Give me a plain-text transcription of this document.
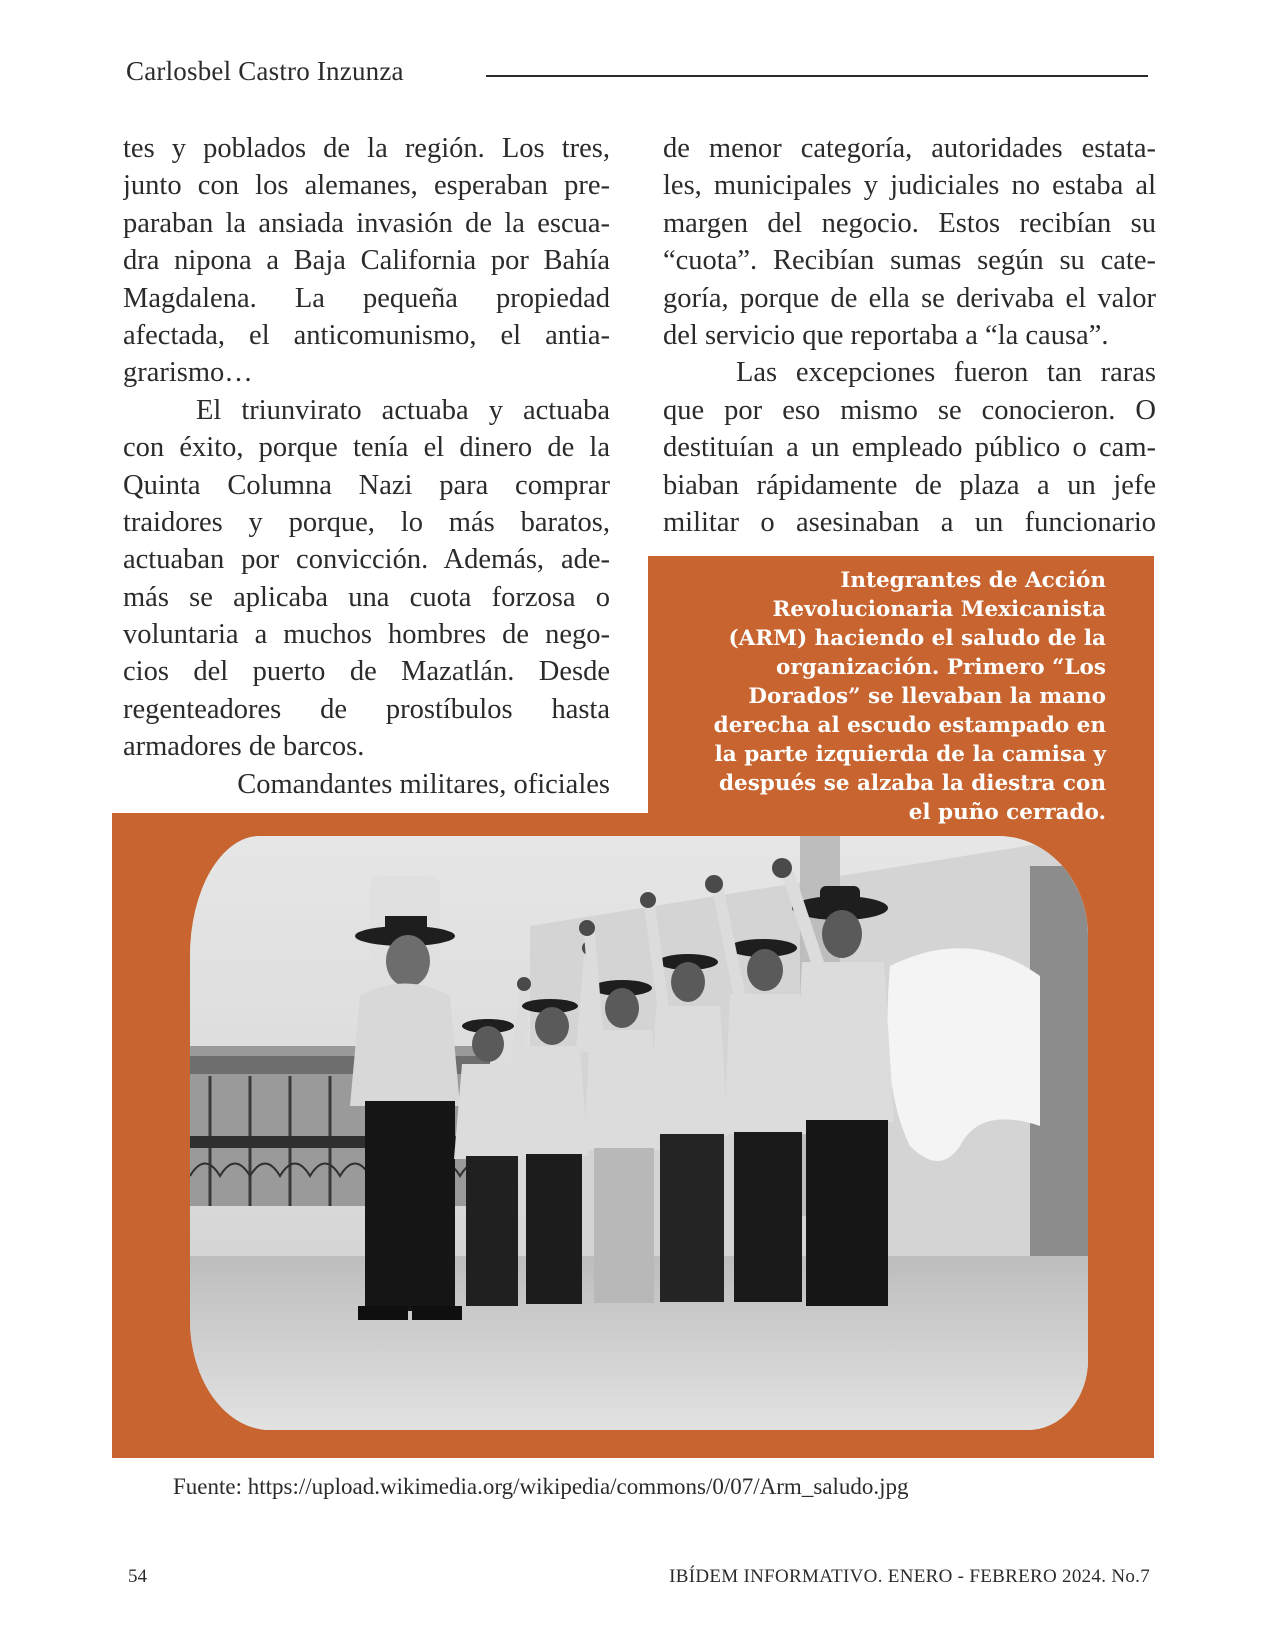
Carlosbel Castro Inzunza
tes y poblados de la región. Los tres,
junto con los alemanes, esperaban pre-
paraban la ansiada invasión de la escua-
dra nipona a Baja California por Bahía
Magdalena. La pequeña propiedad
afectada, el anticomunismo, el antia-
grarismo…
El triunvirato actuaba y actuaba
con éxito, porque tenía el dinero de la
Quinta Columna Nazi para comprar
traidores y porque, lo más baratos,
actuaban por convicción. Además, ade-
más se aplicaba una cuota forzosa o
voluntaria a muchos hombres de nego-
cios del puerto de Mazatlán. Desde
regenteadores de prostíbulos hasta
armadores de barcos.
Comandantes militares, oficiales
de menor categoría, autoridades estata-
les, municipales y judiciales no estaba al
margen del negocio. Estos recibían su
“cuota”. Recibían sumas según su cate-
goría, porque de ella se derivaba el valor
del servicio que reportaba a “la causa”.
Las excepciones fueron tan raras
que por eso mismo se conocieron. O
destituían a un empleado público o cam-
biaban rápidamente de plaza a un jefe
militar o asesinaban a un funcionario
Integrantes de Acción
Revolucionaria Mexicanista
(ARM) haciendo el saludo de la
organización. Primero “Los
Dorados” se llevaban la mano
derecha al escudo estampado en
la parte izquierda de la camisa y
después se alzaba la diestra con
el puño cerrado.
Fuente: https://upload.wikimedia.org/wikipedia/commons/0/07/Arm_saludo.jpg
54	IBÍDEM INFORMATIVO. ENERO - FEBRERO 2024. No.7
